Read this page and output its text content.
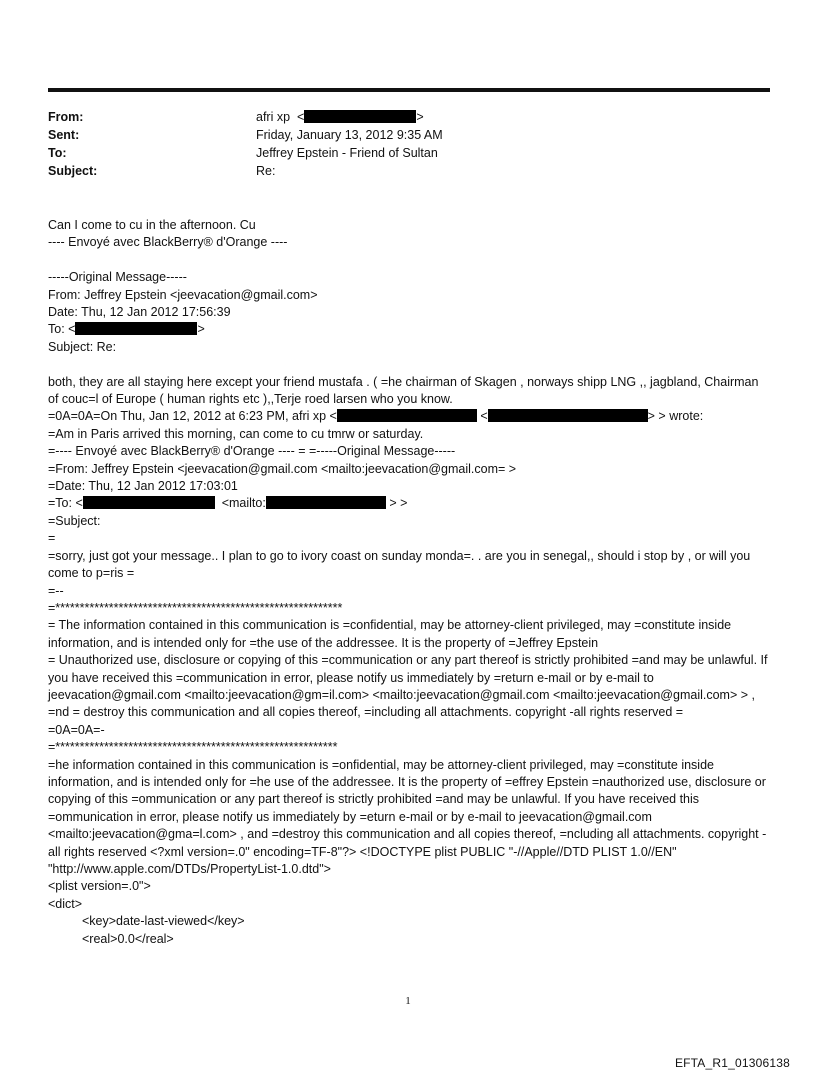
From:	afri xp <	>
Sent:	Friday, January 13, 2012 9:35 AM
To:	Jeffrey Epstein - Friend of Sultan
Subject:	Re:
Can I come to cu in the afternoon. Cu
---- Envoyé avec BlackBerry® d'Orange ----
-----Original Message-----
From: Jeffrey Epstein <jeevacation@gmail.com>
Date: Thu, 12 Jan 2012 17:56:39
To: <	>
Subject: Re:
both, they are all staying here except your friend mustafa . ( =he chairman of Skagen , norways shipp LNG ,, jagbland, Chairman of couc=l of Europe ( human rights etc ),,Terje roed larsen who you know.
=0A=0A=On Thu, Jan 12, 2012 at 6:23 PM, afri xp <	<	> > wrote:
=Am in Paris arrived this morning, can come to cu tmrw or saturday.
=---- Envoyé avec BlackBerry® d'Orange ---- = =-----Original Message-----
=From: Jeffrey Epstein <jeevacation@gmail.com <mailto:jeevacation@gmail.com= >
=Date: Thu, 12 Jan 2012 17:03:01
=To: <	<mailto:	> >
=Subject:
=
=sorry, just got your message.. I plan to go to ivory coast on sunday monda=. . are you in senegal,, should i stop by , or will you come to p=ris =
=--
=***********************************************************
= The information contained in this communication is =confidential, may be attorney-client privileged, may =constitute inside information, and is intended only for =the use of the addressee. It is the property of =Jeffrey Epstein
= Unauthorized use, disclosure or copying of this =communication or any part thereof is strictly prohibited =and may be unlawful. If you have received this =communication in error, please notify us immediately by =return e-mail or by e-mail to jeevacation@gmail.com <mailto:jeevacation@gm=il.com> <mailto:jeevacation@gmail.com <mailto:jeevacation@gmail.com> > , =nd = destroy this communication and all copies thereof, =including all attachments. copyright -all rights reserved =
=0A=0A=-
=**********************************************************
=he information contained in this communication is =onfidential, may be attorney-client privileged, may =constitute inside information, and is intended only for =he use of the addressee. It is the property of =effrey Epstein =nauthorized use, disclosure or copying of this =ommunication or any part thereof is strictly prohibited =and may be unlawful. If you have received this =ommunication in error, please notify us immediately by =eturn e-mail or by e-mail to jeevacation@gmail.com <mailto:jeevacation@gma=l.com> , and =destroy this communication and all copies thereof, =ncluding all attachments. copyright -all rights reserved <?xml version=.0" encoding=TF-8"?> <!DOCTYPE plist PUBLIC "-//Apple//DTD PLIST 1.0//EN" "http://www.apple.com/DTDs/PropertyList-1.0.dtd">
<plist version=.0">
<dict>
<key>date-last-viewed</key>
<real>0.0</real>
1
EFTA_R1_01306138
